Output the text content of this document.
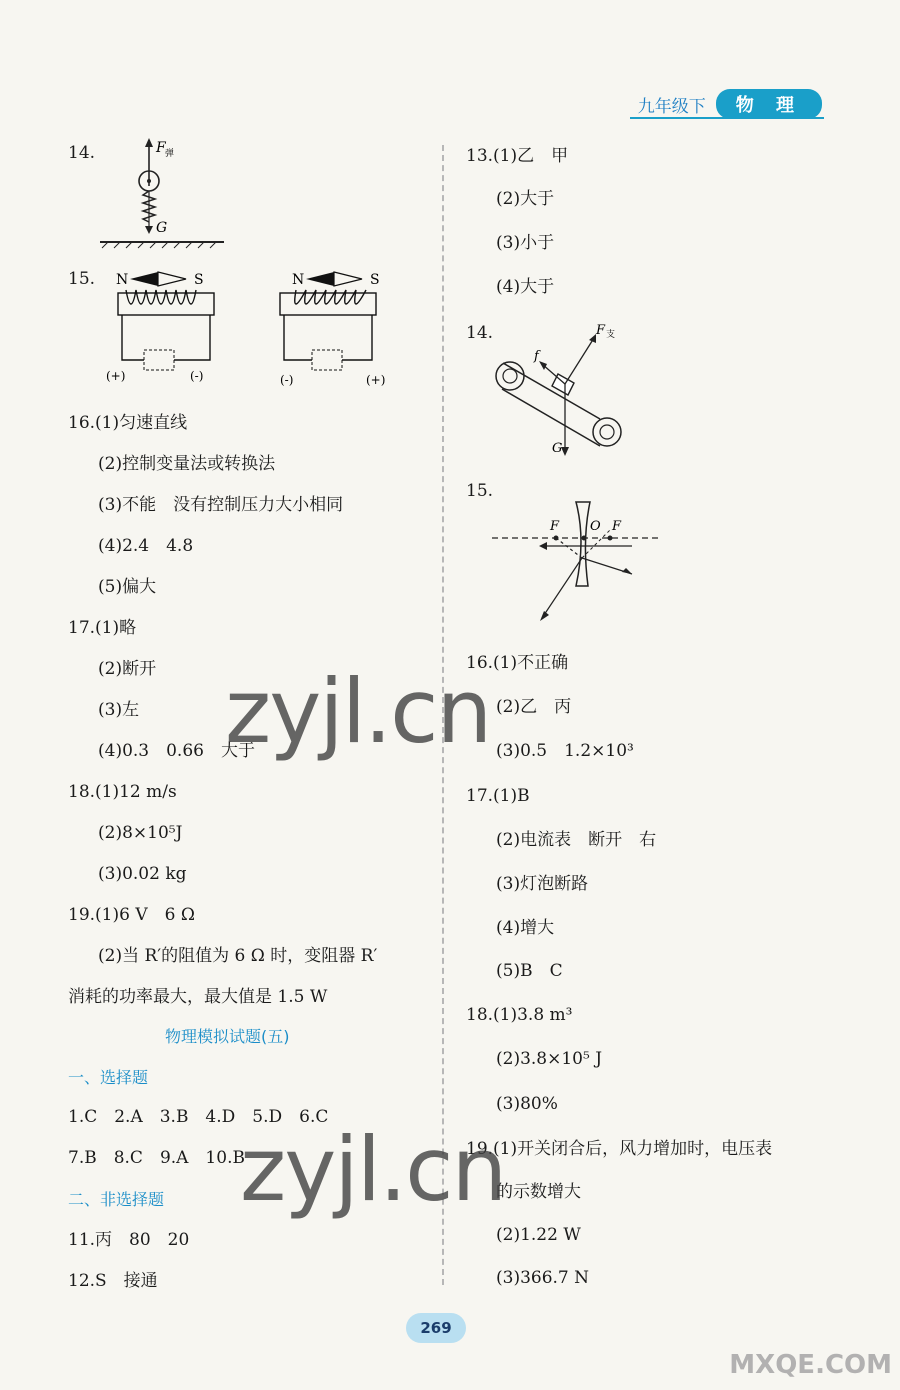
九年级下	物 理
14.	F 弹
G
15. N	S
(+)	(-)
N	S
(-)	(+)
16.(1)匀速直线
(2)控制变量法或转换法
(3)不能　没有控制压力大小相同
(4)2.4　4.8
(5)偏大
17.(1)略
(2)断开
(3)左
(4)0.3　0.66　大于
18.(1)12 m/s
(2)8×10⁵J
(3)0.02 kg
19.(1)6 V　6 Ω
(2)当 R′的阻值为 6 Ω 时，变阻器 R′
消耗的功率最大，最大值是 1.5 W
物理模拟试题(五)
一、选择题
1.C　2.A　3.B　4.D　5.D　6.C
7.B　8.C　9.A　10.B
二、非选择题
11.丙　80　20
12.S　接通
13.(1)乙　甲
(2)大于
(3)小于
(4)大于
14.	F 支
f
G
15.
F O F
16.(1)不正确
(2)乙　丙
(3)0.5　1.2×10³
17.(1)B
(2)电流表　断开　右
(3)灯泡断路
(4)增大
(5)B　C
18.(1)3.8 m³
(2)3.8×10⁵ J
(3)80%
19.(1)开关闭合后，风力增加时，电压表
的示数增大
(2)1.22 W
(3)366.7 N
zyjl.cn
zyjl.cn
MXQE.COM
269
